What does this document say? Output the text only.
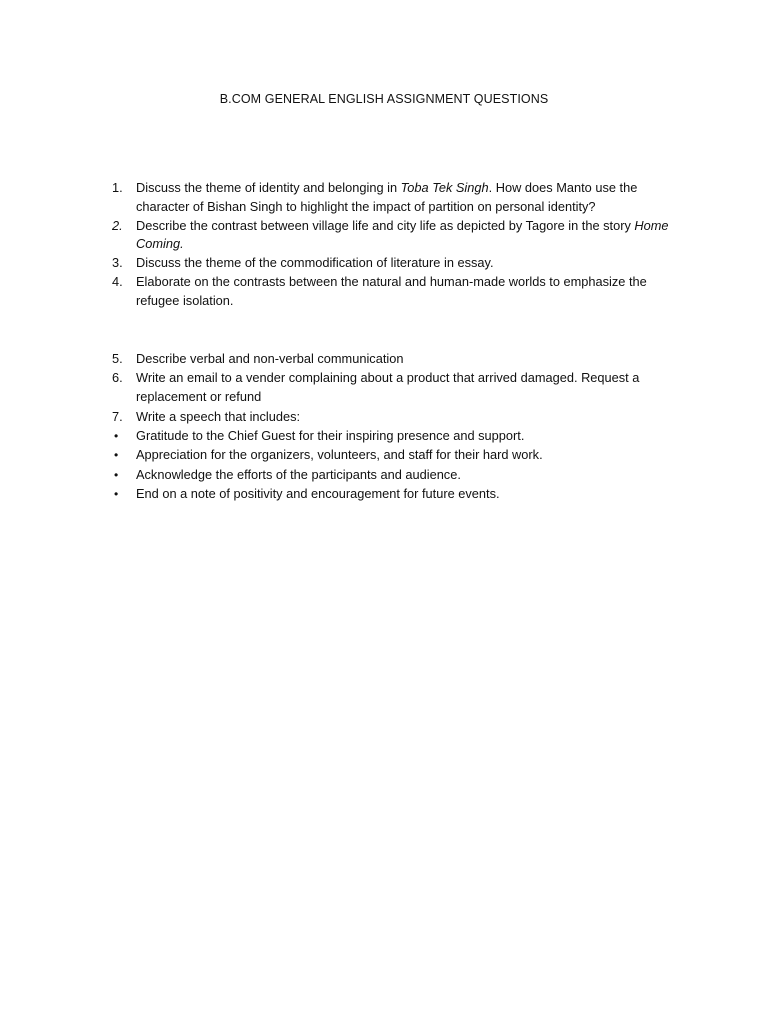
B.COM GENERAL ENGLISH ASSIGNMENT QUESTIONS
1.	Discuss the theme of identity and belonging in Toba Tek Singh. How does Manto use the character of Bishan Singh to highlight the impact of partition on personal identity?
2.	Describe the contrast between village life and city life as depicted by Tagore in the story Home Coming.
3.	Discuss the theme of the commodification of literature in essay.
4.	Elaborate on the contrasts between the natural and human-made worlds to emphasize the refugee isolation.
5.	Describe verbal and non-verbal communication
6.	Write an email to a vender complaining about a product that arrived damaged. Request a replacement or refund
7.	Write a speech that includes:
• Gratitude to the Chief Guest for their inspiring presence and support.
• Appreciation for the organizers, volunteers, and staff for their hard work.
• Acknowledge the efforts of the participants and audience.
• End on a note of positivity and encouragement for future events.
